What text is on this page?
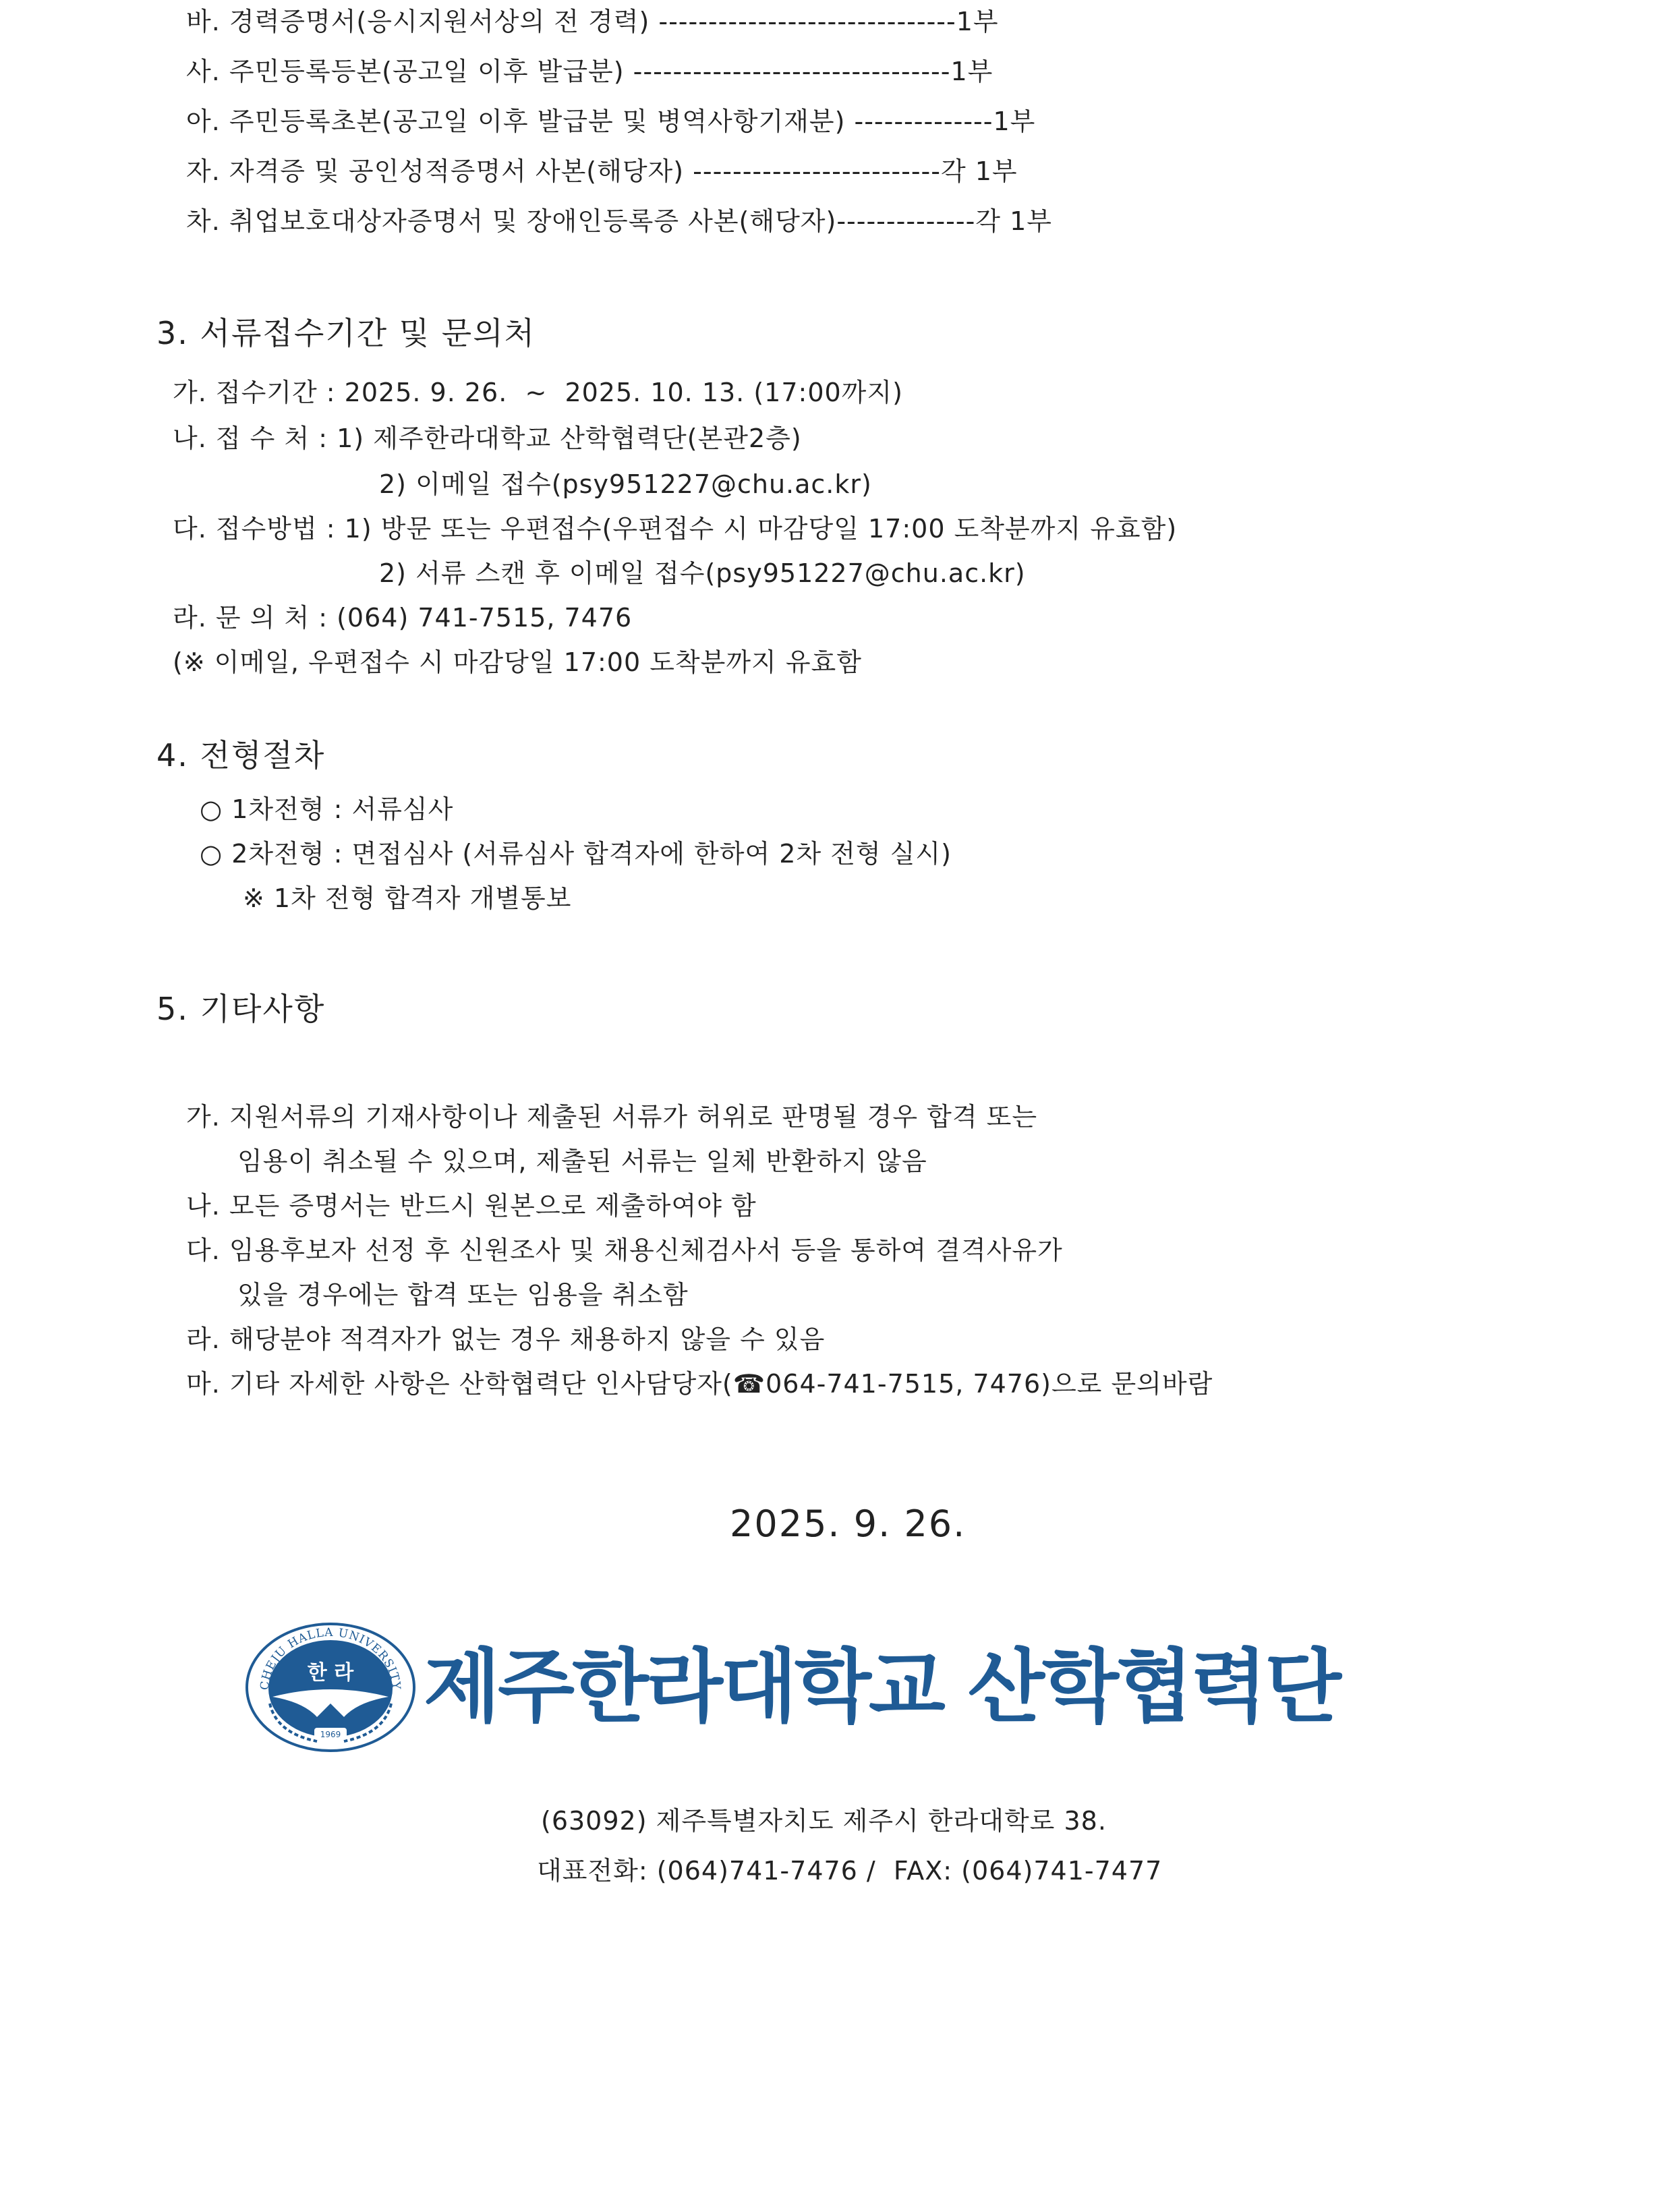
바. 경력증명서(응시지원서상의 전 경력) ------------------------------1부
사. 주민등록등본(공고일 이후 발급분) --------------------------------1부
아. 주민등록초본(공고일 이후 발급분 및 병역사항기재분) --------------1부
자. 자격증 및 공인성적증명서 사본(해당자) -------------------------각 1부
차. 취업보호대상자증명서 및 장애인등록증 사본(해당자)--------------각 1부
3. 서류접수기간 및 문의처
가. 접수기간 : 2025. 9. 26.  ~  2025. 10. 13. (17:00까지)
나. 접 수 처 : 1) 제주한라대학교 산학협력단(본관2층)
2) 이메일 접수(psy951227@chu.ac.kr)
다. 접수방법 : 1) 방문 또는 우편접수(우편접수 시 마감당일 17:00 도착분까지 유효함)
2) 서류 스캔 후 이메일 접수(psy951227@chu.ac.kr)
라. 문 의 처 : (064) 741-7515, 7476
(※ 이메일, 우편접수 시 마감당일 17:00 도착분까지 유효함
4. 전형절차
○ 1차전형 : 서류심사
○ 2차전형 : 면접심사 (서류심사 합격자에 한하여 2차 전형 실시)
※ 1차 전형 합격자 개별통보
5. 기타사항
가. 지원서류의 기재사항이나 제출된 서류가 허위로 판명될 경우 합격 또는
임용이 취소될 수 있으며, 제출된 서류는 일체 반환하지 않음
나. 모든 증명서는 반드시 원본으로 제출하여야 함
다. 임용후보자 선정 후 신원조사 및 채용신체검사서 등을 통하여 결격사유가
있을 경우에는 합격 또는 임용을 취소함
라. 해당분야 적격자가 없는 경우 채용하지 않을 수 있음
마. 기타 자세한 사항은 산학협력단 인사담당자(☎064-741-7515, 7476)으로 문의바람
2025. 9. 26.
CHEJU HALLA UNIVERSITY
한 라
1969
제주한라대학교 산학협력단
(63092) 제주특별자치도 제주시 한라대학로 38.
대표전화: (064)741-7476 /  FAX: (064)741-7477
